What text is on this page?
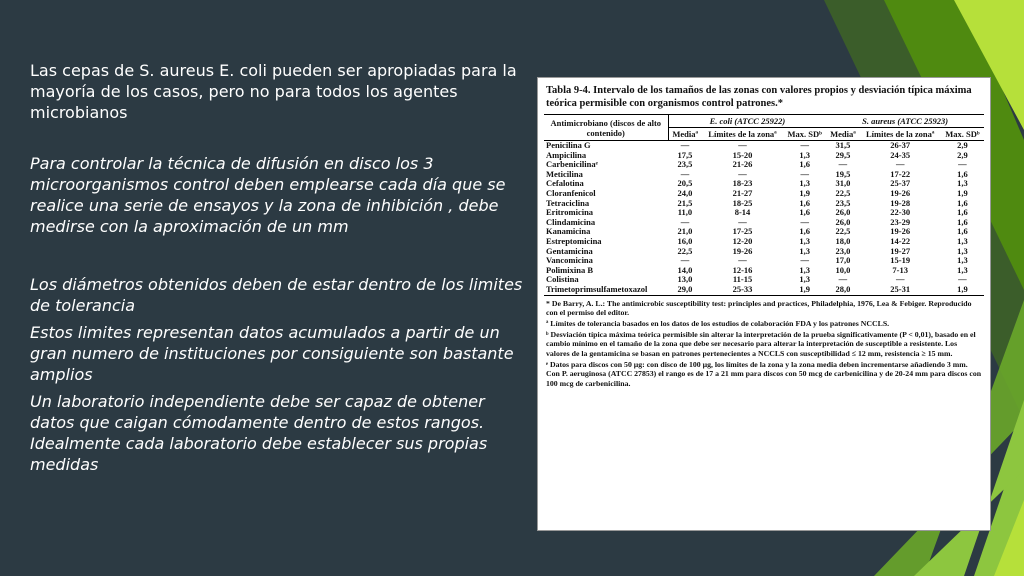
Las cepas de S. aureus E. coli pueden ser apropiadas para la mayoría de los casos, pero no para todos los agentes microbianos

Para controlar la técnica de difusión en disco los 3 microorganismos control deben emplearse cada día que se realice una serie de ensayos y la zona de inhibición , debe medirse con la aproximación de un mm

Los diámetros obtenidos deben de estar dentro de los limites de tolerancia

Estos limites representan datos acumulados a partir de un gran numero de instituciones por consiguiente son bastante amplios

Un laboratorio independiente debe ser capaz de obtener datos que caigan cómodamente dentro de estos rangos. Idealmente cada laboratorio debe establecer sus propias medidas

Tabla 9-4. Intervalo de los tamaños de las zonas con valores propios y desviación típica máxima teórica permisible con organismos control patrones.*
Antimicrobiano (discos de alto contenido)	E. coli (ATCC 25922)			S. aureus (ATCC 25923)		
	Mediaª	Límites de la zonaª	Max. SDᵇ	Mediaª	Límites de la zonaª	Max. SDᵇ
Penicilina G	—	—	—	31,5	26-37	2,9
Ampicilina	17,5	15-20	1,3	29,5	24-35	2,9
Carbenicilinaᵉ	23,5	21-26	1,6	—	—	—
Meticilina	—	—	—	19,5	17-22	1,6
Cefalotina	20,5	18-23	1,3	31,0	25-37	1,3
Cloranfenicol	24,0	21-27	1,9	22,5	19-26	1,9
Tetraciclina	21,5	18-25	1,6	23,5	19-28	1,6
Eritromicina	11,0	8-14	1,6	26,0	22-30	1,6
Clindamicina	—	—	—	26,0	23-29	1,6
Kanamicina	21,0	17-25	1,6	22,5	19-26	1,6
Estreptomicina	16,0	12-20	1,3	18,0	14-22	1,3
Gentamicina	22,5	19-26	1,3	23,0	19-27	1,3
Vancomicina	—	—	—	17,0	15-19	1,3
Polimixina B	14,0	12-16	1,3	10,0	7-13	1,3
Colistina	13,0	11-15	1,3	—	—	—
Trimetoprimsulfametoxazol	29,0	25-33	1,9	28,0	25-31	1,9

* De Barry, A. L.: The antimicrobic susceptibility test: principles and practices, Philadelphia, 1976, Lea & Febiger. Reproducido con el permiso del editor.

ª Límites de tolerancia basados en los datos de los estudios de colaboración FDA y los patrones NCCLS.

ᵇ Desviación típica máxima teórica permisible sin alterar la interpretación de la prueba significativamente (P < 0,01), basado en el cambio mínimo en el tamaño de la zona que debe ser necesario para alterar la interpretación de susceptible a resistente. Los valores de la gentamicina se basan en patrones pertenecientes a NCCLS con susceptibilidad ≤ 12 mm, resistencia ≥ 15 mm.

ᵉ Datos para discos con 50 µg: con disco de 100 µg, los límites de la zona y la zona media deben incrementarse añadiendo 3 mm. Con P. aeruginosa (ATCC 27853) el rango es de 17 a 21 mm para discos con 50 mcg de carbenicilina y de 20-24 mm para discos con 100 mcg de carbenicilina.
